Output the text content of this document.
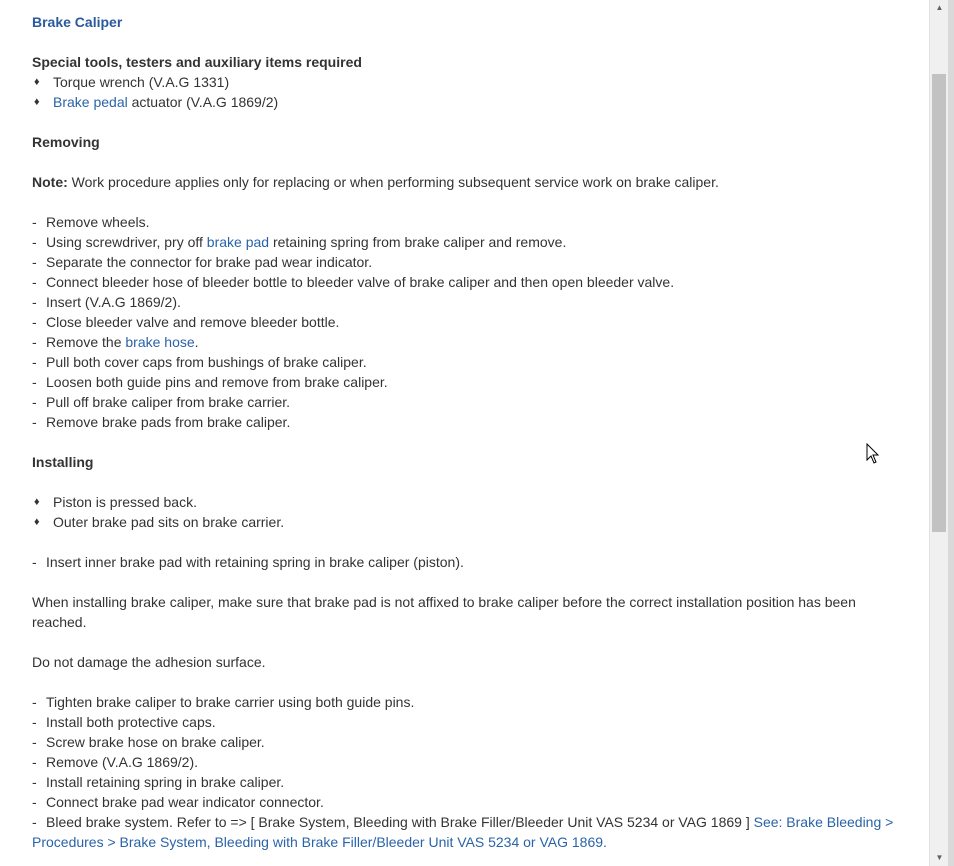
Brake Caliper
Special tools, testers and auxiliary items required
♦ Torque wrench (V.A.G 1331)
♦ Brake pedal actuator (V.A.G 1869/2)
Removing
Note: Work procedure applies only for replacing or when performing subsequent service work on brake caliper.
- Remove wheels.
- Using screwdriver, pry off brake pad retaining spring from brake caliper and remove.
- Separate the connector for brake pad wear indicator.
- Connect bleeder hose of bleeder bottle to bleeder valve of brake caliper and then open bleeder valve.
- Insert (V.A.G 1869/2).
- Close bleeder valve and remove bleeder bottle.
- Remove the brake hose.
- Pull both cover caps from bushings of brake caliper.
- Loosen both guide pins and remove from brake caliper.
- Pull off brake caliper from brake carrier.
- Remove brake pads from brake caliper.
Installing
♦ Piston is pressed back.
♦ Outer brake pad sits on brake carrier.
- Insert inner brake pad with retaining spring in brake caliper (piston).
When installing brake caliper, make sure that brake pad is not affixed to brake caliper before the correct installation position has been reached.
Do not damage the adhesion surface.
- Tighten brake caliper to brake carrier using both guide pins.
- Install both protective caps.
- Screw brake hose on brake caliper.
- Remove (V.A.G 1869/2).
- Install retaining spring in brake caliper.
- Connect brake pad wear indicator connector.
- Bleed brake system. Refer to => [ Brake System, Bleeding with Brake Filler/Bleeder Unit VAS 5234 or VAG 1869 ] See: Brake Bleeding > Procedures > Brake System, Bleeding with Brake Filler/Bleeder Unit VAS 5234 or VAG 1869.
▲
▼
